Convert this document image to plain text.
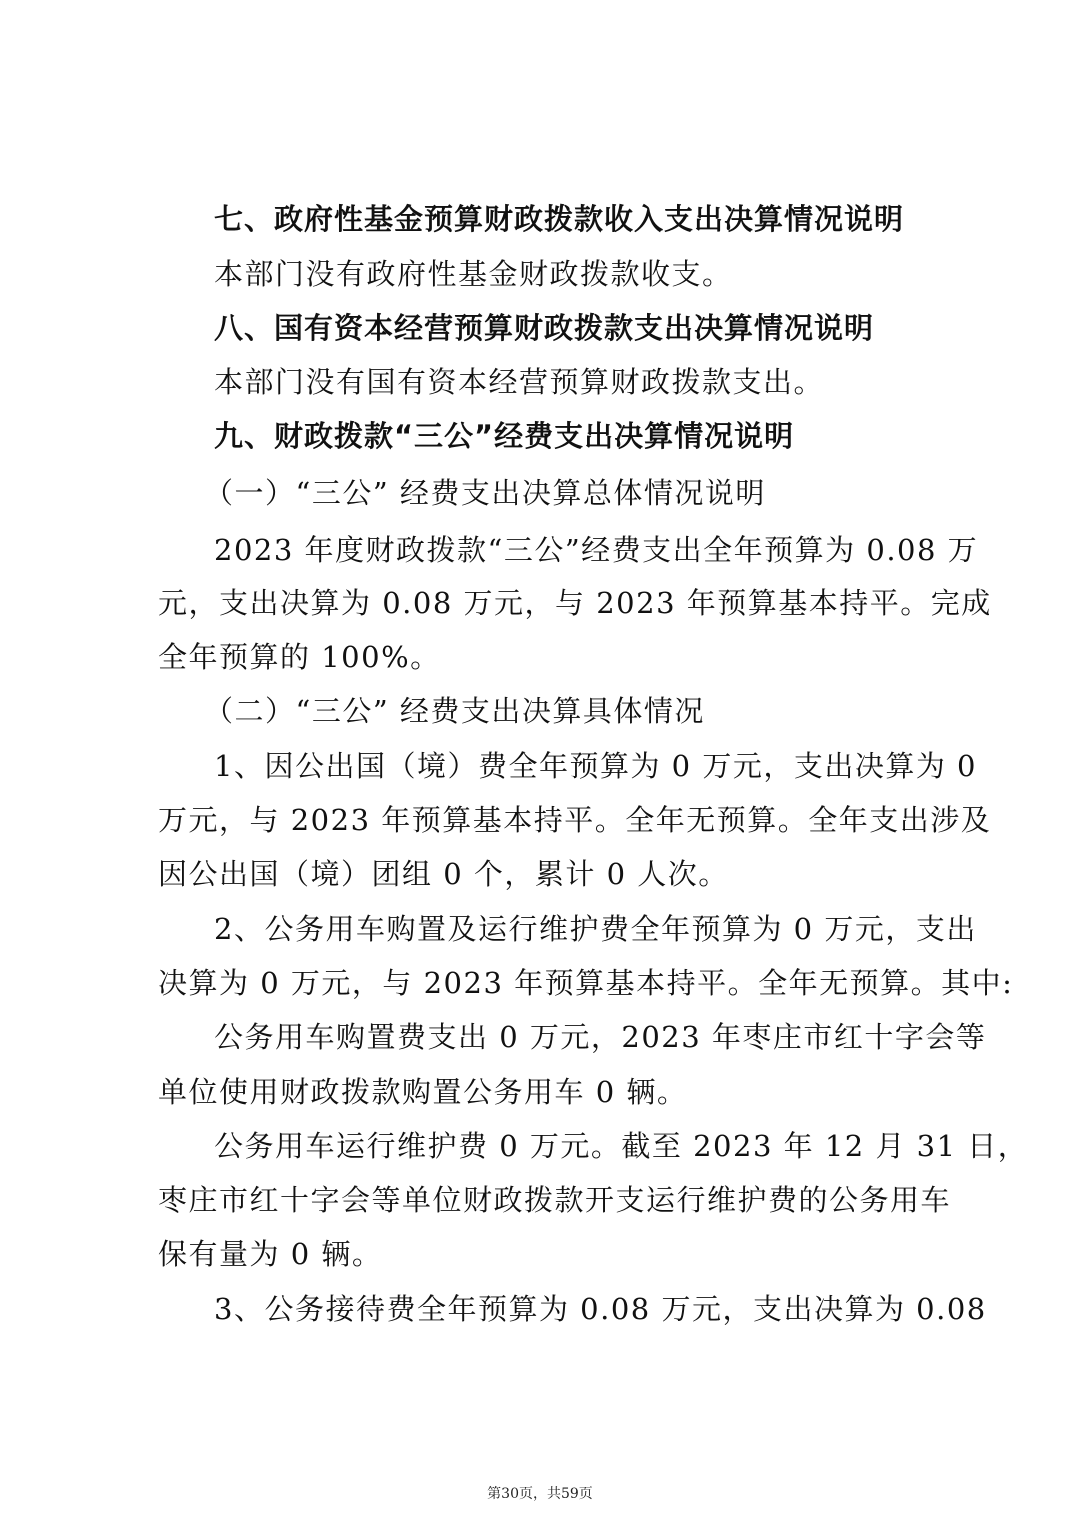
七、政府性基金预算财政拨款收入支出决算情况说明
本部门没有政府性基金财政拨款收支。
八、国有资本经营预算财政拨款支出决算情况说明
本部门没有国有资本经营预算财政拨款支出。
九、财政拨款“三公”经费支出决算情况说明
（一）“三公” 经费支出决算总体情况说明
2023 年度财政拨款“三公”经费支出全年预算为 0.08 万
元，支出决算为 0.08 万元，与 2023 年预算基本持平。完成
全年预算的 100%。
（二）“三公” 经费支出决算具体情况
1、因公出国（境）费全年预算为 0 万元，支出决算为 0
万元，与 2023 年预算基本持平。全年无预算。全年支出涉及
因公出国（境）团组 0 个，累计 0 人次。
2、公务用车购置及运行维护费全年预算为 0 万元，支出
决算为 0 万元，与 2023 年预算基本持平。全年无预算。其中:
公务用车购置费支出 0 万元，2023 年枣庄市红十字会等
单位使用财政拨款购置公务用车 0 辆。
公务用车运行维护费 0 万元。截至 2023 年 12 月 31 日，
枣庄市红十字会等单位财政拨款开支运行维护费的公务用车
保有量为 0 辆。
3、公务接待费全年预算为 0.08 万元，支出决算为 0.08
第30页，共59页
